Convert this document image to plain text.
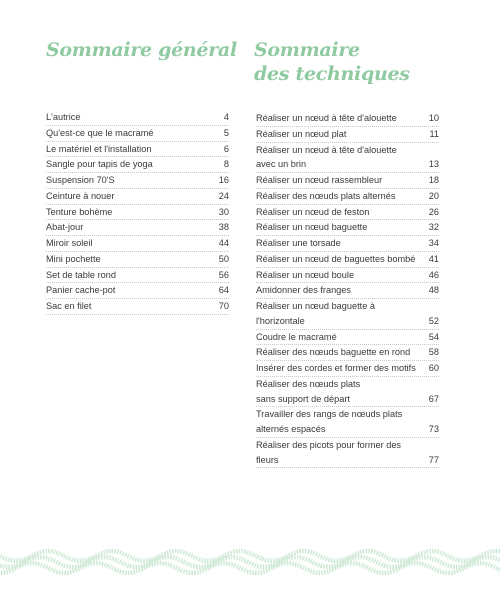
Sommaire général Sommaire
des techniques
L'autrice	4
Qu'est-ce que le macramé	5
Le matériel et l'installation	6
Sangle pour tapis de yoga	8
Suspension 70'S	16
Ceinture à nouer	24
Tenture bohème	30
Abat-jour	38
Miroir soleil	44
Mini pochette	50
Set de table rond	56
Panier cache-pot	64
Sac en filet	70
Réaliser un nœud à tête d'alouette	10
Réaliser un nœud plat	11
Réaliser un nœud à tête d'alouette
avec un brin	13
Réaliser un nœud rassembleur	18
Réaliser des nœuds plats alternés	20
Réaliser un nœud de feston	26
Réaliser un nœud baguette	32
Réaliser une torsade	34
Réaliser un nœud de baguettes bombé	41
Réaliser un nœud boule	46
Amidonner des franges	48
Réaliser un nœud baguette à l'horizontale	52
Coudre le macramé	54
Réaliser des nœuds baguette en rond	58
Insérer des cordes et former des motifs	60
Réaliser des nœuds plats
sans support de départ	67
Travailler des rangs de nœuds plats
alternés espacés	73
Réaliser des picots pour former des fleurs	77
